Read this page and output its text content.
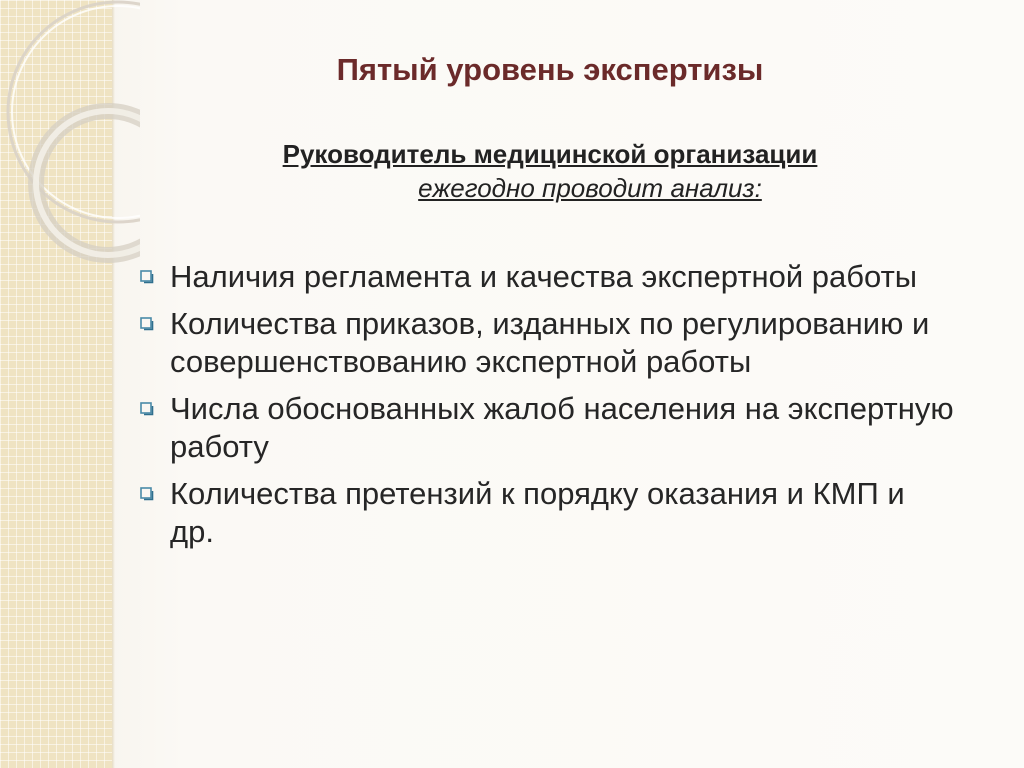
Пятый уровень экспертизы
Руководитель медицинской организации
ежегодно проводит анализ:
Наличия регламента и качества экспертной работы
Количества приказов, изданных по регулированию и совершенствованию экспертной работы
Числа обоснованных жалоб населения на экспертную работу
Количества претензий к порядку оказания и КМП и др.
